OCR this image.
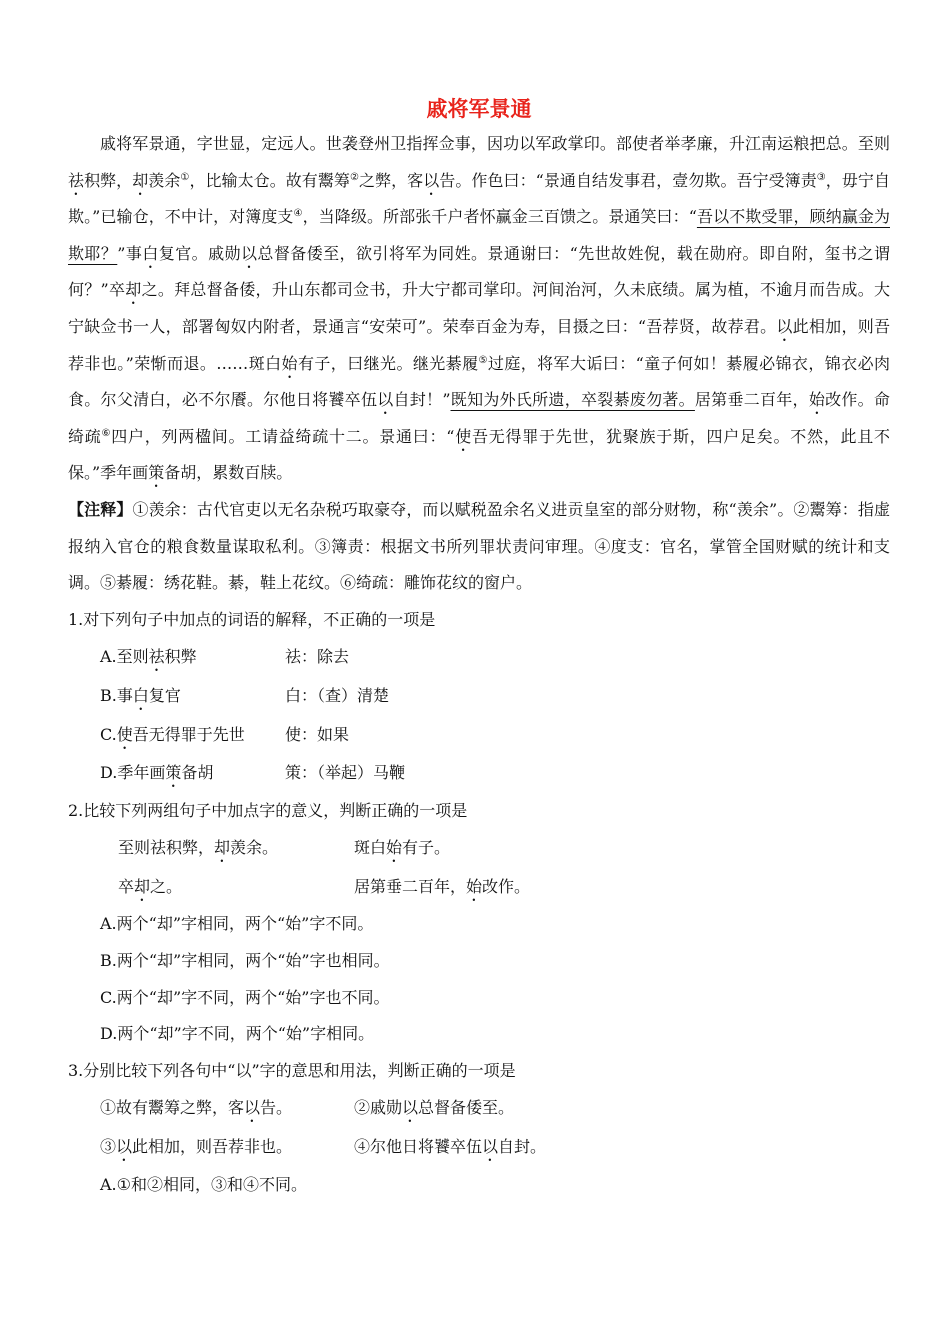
戚将军景通

戚将军景通，字世显，定远人。世袭登州卫指挥佥事，因功以军政掌印。部使者举孝廉，升江南运粮把总。至则祛积弊，却羡余①，比输太仓。故有鬻筹②之弊，客以告。作色曰：“景通自结发事君，壹勿欺。吾宁受簿责③，毋宁自欺。”已输仓，不中计，对簿度支④，当降级。所部张千户者怀赢金三百馈之。景通笑曰：“吾以不欺受罪，顾纳赢金为欺耶？”事白复官。戚勋以总督备倭至，欲引将军为同姓。景通谢曰：“先世故姓倪，载在勋府。即自附，玺书之谓何？”卒却之。拜总督备倭，升山东都司佥书，升大宁都司掌印。河间治河，久未底绩。属为植，不逾月而告成。大宁缺佥书一人，部署匈奴内附者，景通言“安荣可”。荣奉百金为寿，目摄之曰：“吾荐贤，故荐君。以此相加，则吾荐非也。”荣惭而退。……斑白始有子，曰继光。继光綦履⑤过庭，将军大诟曰：“童子何如！綦履必锦衣，锦衣必肉食。尔父清白，必不尔餍。尔他日将饕卒伍以自封！”既知为外氏所遗，卒裂綦废勿著。居第垂二百年，始改作。命绮疏⑥四户，列两楹间。工请益绮疏十二。景通曰：“使吾无得罪于先世，犹聚族于斯，四户足矣。不然，此且不保。”季年画策备胡，累数百牍。

【注释】①羡余：古代官吏以无名杂税巧取豪夺，而以赋税盈余名义进贡皇室的部分财物，称“羡余”。②鬻筹：指虚报纳入官仓的粮食数量谋取私利。③簿责：根据文书所列罪状责问审理。④度支：官名，掌管全国财赋的统计和支调。⑤綦履：绣花鞋。綦，鞋上花纹。⑥绮疏：雕饰花纹的窗户。

1.对下列句子中加点的词语的解释，不正确的一项是
A.至则祛积弊	祛：除去
B.事白复官	白：（查）清楚
C.使吾无得罪于先世	使：如果
D.季年画策备胡	策：（举起）马鞭
2.比较下列两组句子中加点字的意义，判断正确的一项是
至则祛积弊，却羡余。	斑白始有子。
卒却之。	居第垂二百年，始改作。
A.两个“却”字相同，两个“始”字不同。
B.两个“却”字相同，两个“始”字也相同。
C.两个“却”字不同，两个“始”字也不同。
D.两个“却”字不同，两个“始”字相同。
3.分别比较下列各句中“以”字的意思和用法，判断正确的一项是
①故有鬻筹之弊，客以告。	②戚勋以总督备倭至。
③以此相加，则吾荐非也。	④尔他日将饕卒伍以自封。
A.①和②相同，③和④不同。
